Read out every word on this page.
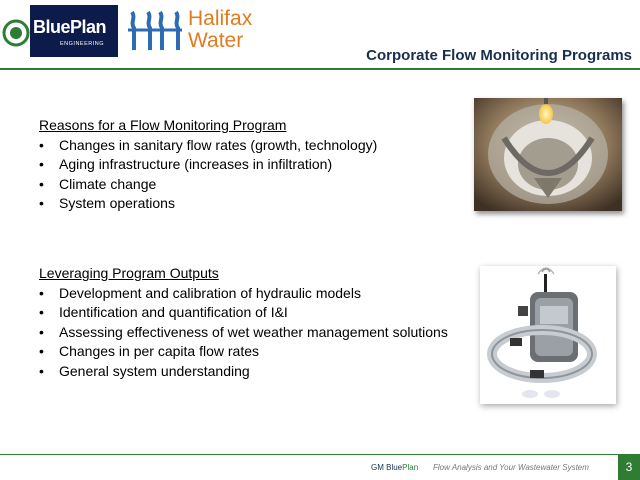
BluePlan
ENGINEERING
Halifax
Water
Corporate Flow Monitoring Programs
Reasons for a Flow Monitoring Program
• Changes in sanitary flow rates (growth, technology)
• Aging infrastructure (increases in infiltration)
• Climate change
• System operations
Leveraging Program Outputs
• Development and calibration of hydraulic models
• Identification and quantification of I&I
• Assessing effectiveness of wet weather management solutions
• Changes in per capita flow rates
• General system understanding
GM BluePlan Flow Analysis and Your Wastewater System	3
